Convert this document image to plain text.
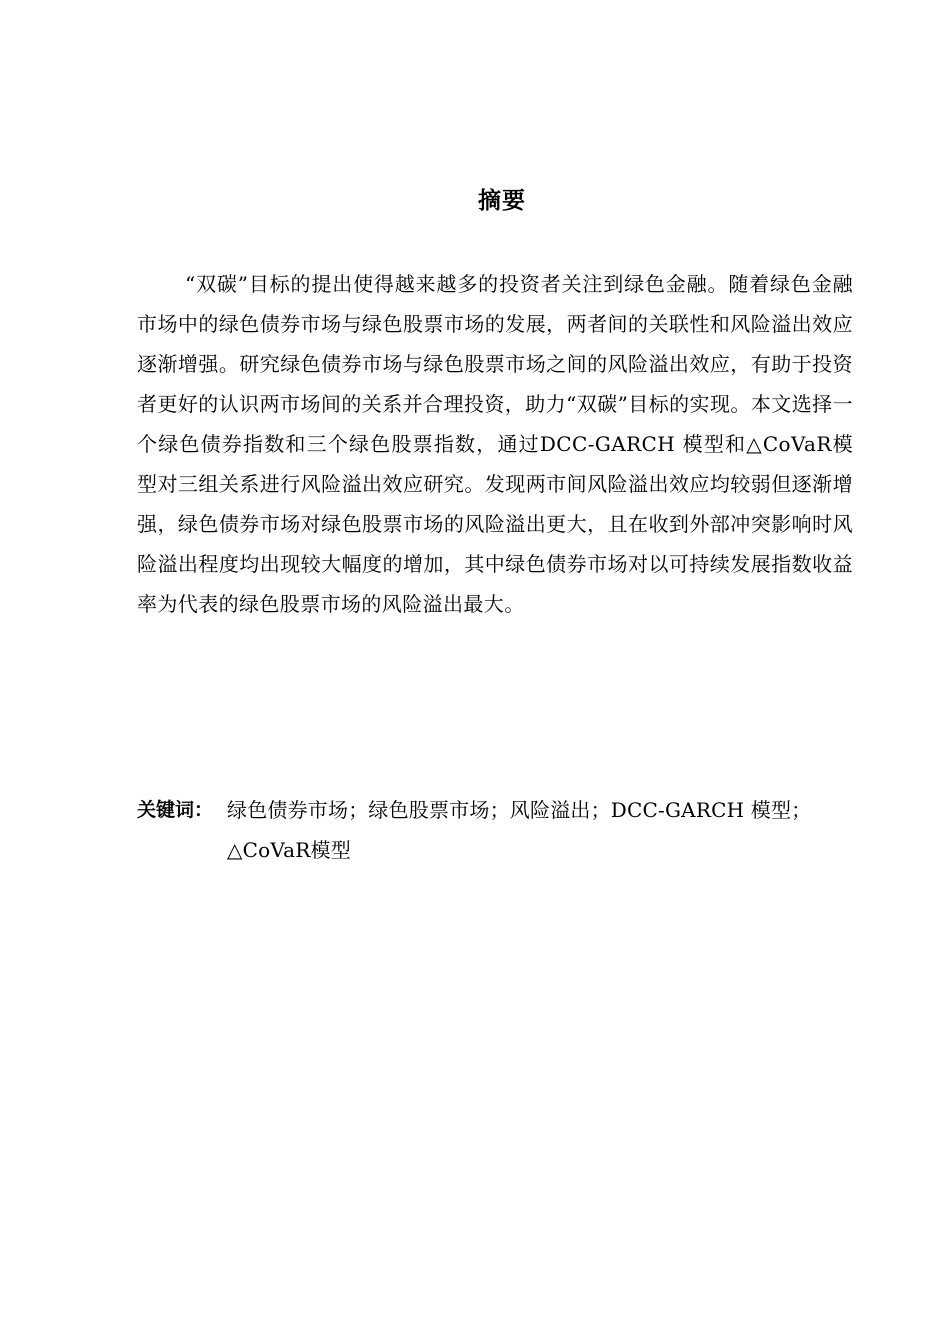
摘要

“双碳”目标的提出使得越来越多的投资者关注到绿色金融。随着绿色金融市场中的绿色债券市场与绿色股票市场的发展，两者间的关联性和风险溢出效应逐渐增强。研究绿色债券市场与绿色股票市场之间的风险溢出效应，有助于投资者更好的认识两市场间的关系并合理投资，助力“双碳”目标的实现。本文选择一个绿色债券指数和三个绿色股票指数，通过DCC-GARCH 模型和△CoVaR模型对三组关系进行风险溢出效应研究。发现两市间风险溢出效应均较弱但逐渐增强，绿色债券市场对绿色股票市场的风险溢出更大，且在收到外部冲突影响时风险溢出程度均出现较大幅度的增加，其中绿色债券市场对以可持续发展指数收益率为代表的绿色股票市场的风险溢出最大。

关键词： 绿色债券市场；绿色股票市场；风险溢出；DCC-GARCH 模型；△CoVaR模型
